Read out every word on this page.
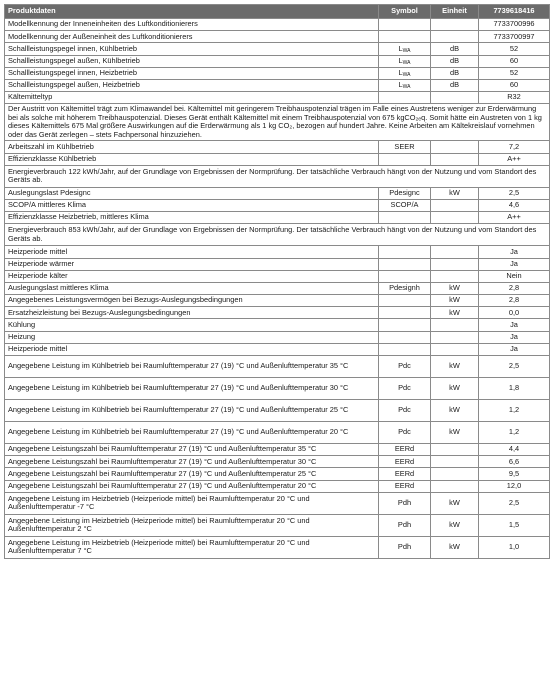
Produktdaten	Symbol	Einheit	7739618416
Modellkennung der Inneneinheiten des Luftkonditionierers			7733700996
Modellkennung der Außeneinheit des Luftkonditionierers			7733700997
Schallleistungspegel innen, Kühlbetrieb	$L_{WA}$	dB	52
Schallleistungspegel außen, Kühlbetrieb	$L_{WA}$	dB	60
Schallleistungspegel innen, Heizbetrieb	$L_{WA}$	dB	52
Schallleistungspegel außen, Heizbetrieb	$L_{WA}$	dB	60
Kältemitteltyp			R32
Der Austritt von Kältemittel trägt zum Klimawandel bei. Kältemittel mit geringerem Treibhauspotenzial trägen im Falle eines Austretens weniger zur Erderwärmung bei als solche mit höherem Treibhauspotenzial. Dieses Gerät enthält Kältemittel mit einem Treibhauspotenzial von 675 kgCO₂ₑq. Somit hätte ein Austreten von 1 kg dieses Kältemittels 675 Mal größere Auswirkungen auf die Erderwärmung als 1 kg CO₂, bezogen auf hundert Jahre. Keine Arbeiten am Kältekreislauf vornehmen oder das Gerät zerlegen – stets Fachpersonal hinzuziehen.			
Arbeitszahl im Kühlbetrieb	SEER		7,2
Effizienzklasse Kühlbetrieb			A++
Energieverbrauch 122 kWh/Jahr, auf der Grundlage von Ergebnissen der Normprüfung. Der tatsächliche Verbrauch hängt von der Nutzung und vom Standort des Geräts ab.			
Auslegungslast Pdesignc	Pdesignc	kW	2,5
SCOP/A mittleres Klima	SCOP/A		4,6
Effizienzklasse Heizbetrieb, mittleres Klima			A++
Energieverbrauch 853 kWh/Jahr, auf der Grundlage von Ergebnissen der Normprüfung. Der tatsächliche Verbrauch hängt von der Nutzung und vom Standort des Geräts ab.			
Heizperiode mittel			Ja
Heizperiode wärmer			Ja
Heizperiode kälter			Nein
Auslegungslast mittleres Klima	Pdesignh	kW	2,8
Angegebenes Leistungsvermögen bei Bezugs-Auslegungsbedingungen		kW	2,8
Ersatzheizleistung bei Bezugs-Auslegungsbedingungen		kW	0,0
Kühlung			Ja
Heizung			Ja
Heizperiode mittel			Ja
Angegebene Leistung im Kühlbetrieb bei Raumlufttemperatur 27 (19) °C und Außenlufttemperatur 35 °C	Pdc	kW	2,5
Angegebene Leistung im Kühlbetrieb bei Raumlufttemperatur 27 (19) °C und Außenlufttemperatur 30 °C	Pdc	kW	1,8
Angegebene Leistung im Kühlbetrieb bei Raumlufttemperatur 27 (19) °C und Außenlufttemperatur 25 °C	Pdc	kW	1,2
Angegebene Leistung im Kühlbetrieb bei Raumlufttemperatur 27 (19) °C und Außenlufttemperatur 20 °C	Pdc	kW	1,2
Angegebene Leistungszahl bei Raumlufttemperatur 27 (19) °C und Außenlufttemperatur 35 °C	EERd		4,4
Angegebene Leistungszahl bei Raumlufttemperatur 27 (19) °C und Außenlufttemperatur 30 °C	EERd		6,6
Angegebene Leistungszahl bei Raumlufttemperatur 27 (19) °C und Außenlufttemperatur 25 °C	EERd		9,5
Angegebene Leistungszahl bei Raumlufttemperatur 27 (19) °C und Außenlufttemperatur 20 °C	EERd		12,0
Angegebene Leistung im Heizbetrieb (Heizperiode mittel) bei Raumlufttemperatur 20 °C und Außenlufttemperatur -7 °C	Pdh	kW	2,5
Angegebene Leistung im Heizbetrieb (Heizperiode mittel) bei Raumlufttemperatur 20 °C und Außenlufttemperatur 2 °C	Pdh	kW	1,5
Angegebene Leistung im Heizbetrieb (Heizperiode mittel) bei Raumlufttemperatur 20 °C und Außenlufttemperatur 7 °C	Pdh	kW	1,0
